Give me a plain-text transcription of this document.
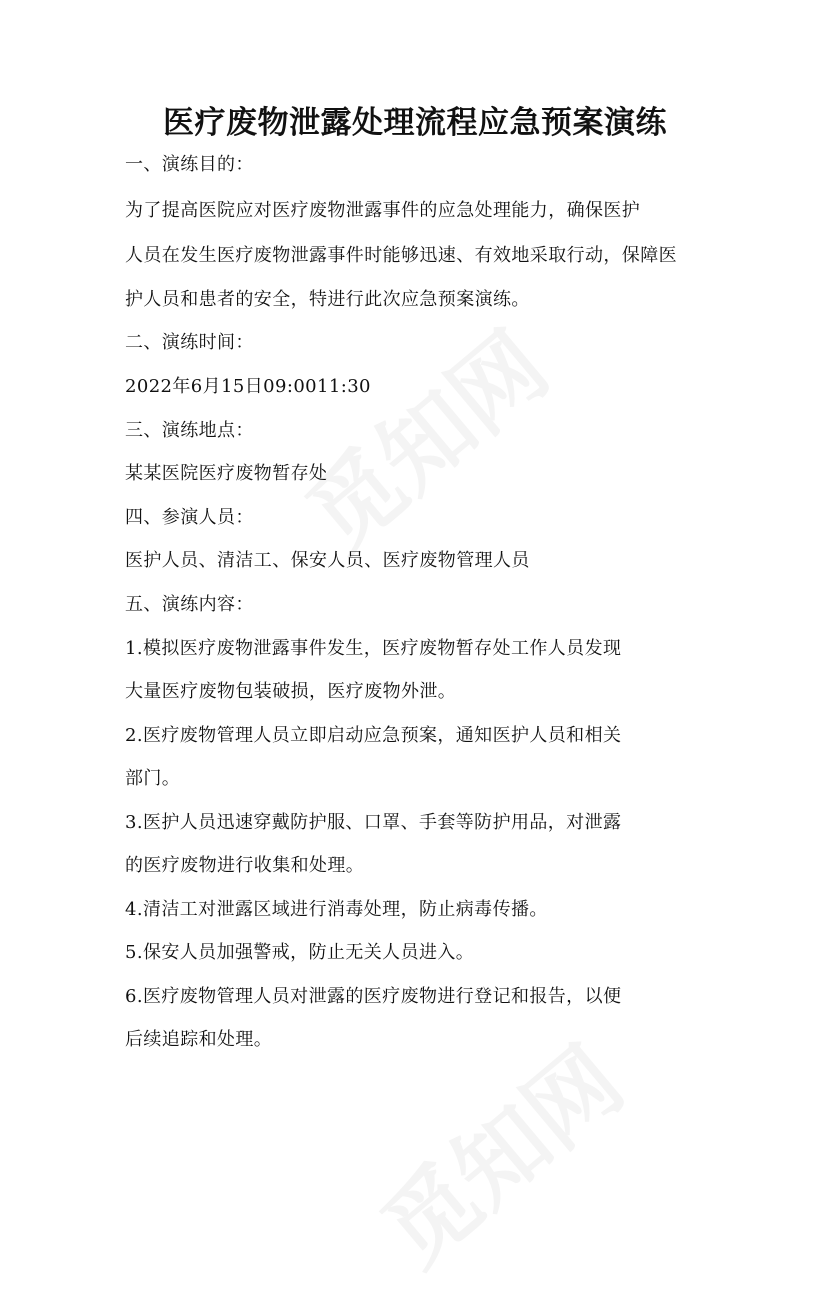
医疗废物泄露处理流程应急预案演练
一、演练目的：
为了提高医院应对医疗废物泄露事件的应急处理能力，确保医护
人员在发生医疗废物泄露事件时能够迅速、有效地采取行动，保障医
护人员和患者的安全，特进行此次应急预案演练。
二、演练时间：
2022年6月15日09:0011:30
三、演练地点：
某某医院医疗废物暂存处
四、参演人员：
医护人员、清洁工、保安人员、医疗废物管理人员
五、演练内容：
1.模拟医疗废物泄露事件发生，医疗废物暂存处工作人员发现
大量医疗废物包装破损，医疗废物外泄。
2.医疗废物管理人员立即启动应急预案，通知医护人员和相关
部门。
3.医护人员迅速穿戴防护服、口罩、手套等防护用品，对泄露
的医疗废物进行收集和处理。
4.清洁工对泄露区域进行消毒处理，防止病毒传播。
5.保安人员加强警戒，防止无关人员进入。
6.医疗废物管理人员对泄露的医疗废物进行登记和报告，以便
后续追踪和处理。
